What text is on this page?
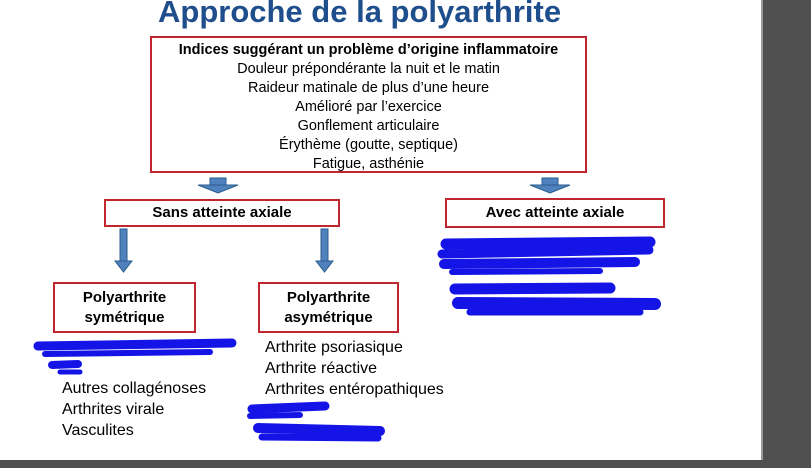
Approche de la polyarthrite
Indices suggérant un problème d’origine inflammatoire
Douleur prépondérante la nuit et le matin
Raideur matinale de plus d’une heure
Amélioré par l’exercice
Gonflement articulaire
Érythème (goutte, septique)
Fatigue, asthénie
Sans atteinte axiale	Avec atteinte axiale
Polyarthrite
symétrique
Polyarthrite
asymétrique
Autres collagénoses
Arthrites virale
Vasculites
Arthrite psoriasique
Arthrite réactive
Arthrites entéropathiques
